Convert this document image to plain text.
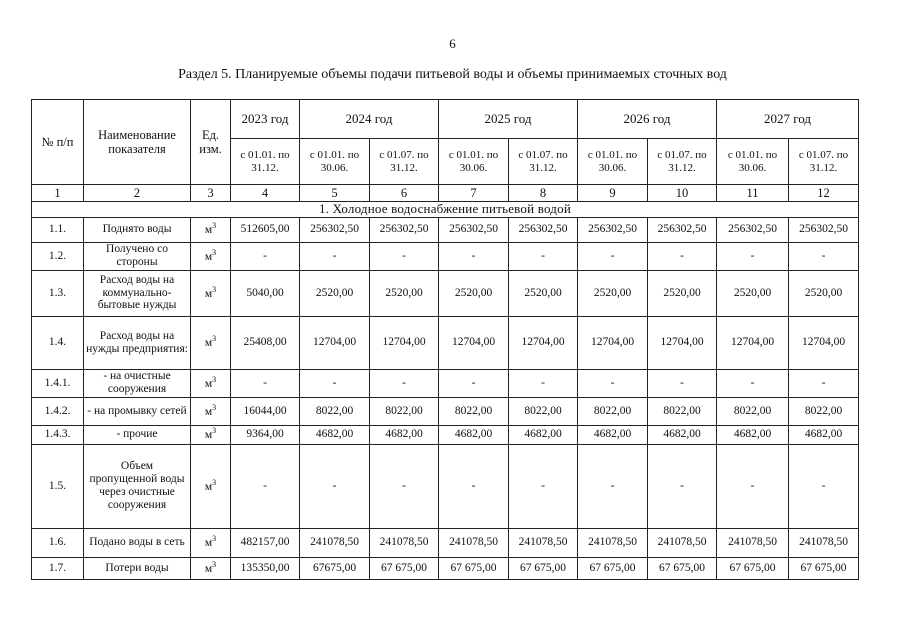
6
Раздел 5. Планируемые объемы подачи питьевой воды и объемы принимаемых сточных вод
№ п/п	Наименование показателя	Ед. изм.	2023 год	2024 год		2025 год		2026 год		2027 год	
			с 01.01. по 31.12.	с 01.01. по 30.06.	с 01.07. по 31.12.	с 01.01. по 30.06.	с 01.07. по 31.12.	с 01.01. по 30.06.	с 01.07. по 31.12.	с 01.01. по 30.06.	с 01.07. по 31.12.
1	2	3	4	5	6	7	8	9	10	11	12
1. Холодное водоснабжение питьевой водой											
1.1.	Поднято воды	$м^3$	512605,00	256302,50	256302,50	256302,50	256302,50	256302,50	256302,50	256302,50	256302,50
1.2.	Получено со стороны	$м^3$	-	-	-	-	-	-	-	-	-
1.3.	Расход воды на коммунально-бытовые нужды	$м^3$	5040,00	2520,00	2520,00	2520,00	2520,00	2520,00	2520,00	2520,00	2520,00
1.4.	Расход воды на нужды предприятия:	$м^3$	25408,00	12704,00	12704,00	12704,00	12704,00	12704,00	12704,00	12704,00	12704,00
1.4.1.	- на очистные сооружения	$м^3$	-	-	-	-	-	-	-	-	-
1.4.2.	- на промывку сетей	$м^3$	16044,00	8022,00	8022,00	8022,00	8022,00	8022,00	8022,00	8022,00	8022,00
1.4.3.	- прочие	$м^3$	9364,00	4682,00	4682,00	4682,00	4682,00	4682,00	4682,00	4682,00	4682,00
1.5.	Объем пропущенной воды через очистные сооружения	$м^3$	-	-	-	-	-	-	-	-	-
1.6.	Подано воды в сеть	$м^3$	482157,00	241078,50	241078,50	241078,50	241078,50	241078,50	241078,50	241078,50	241078,50
1.7.	Потери воды	$м^3$	135350,00	67675,00	67 675,00	67 675,00	67 675,00	67 675,00	67 675,00	67 675,00	67 675,00
